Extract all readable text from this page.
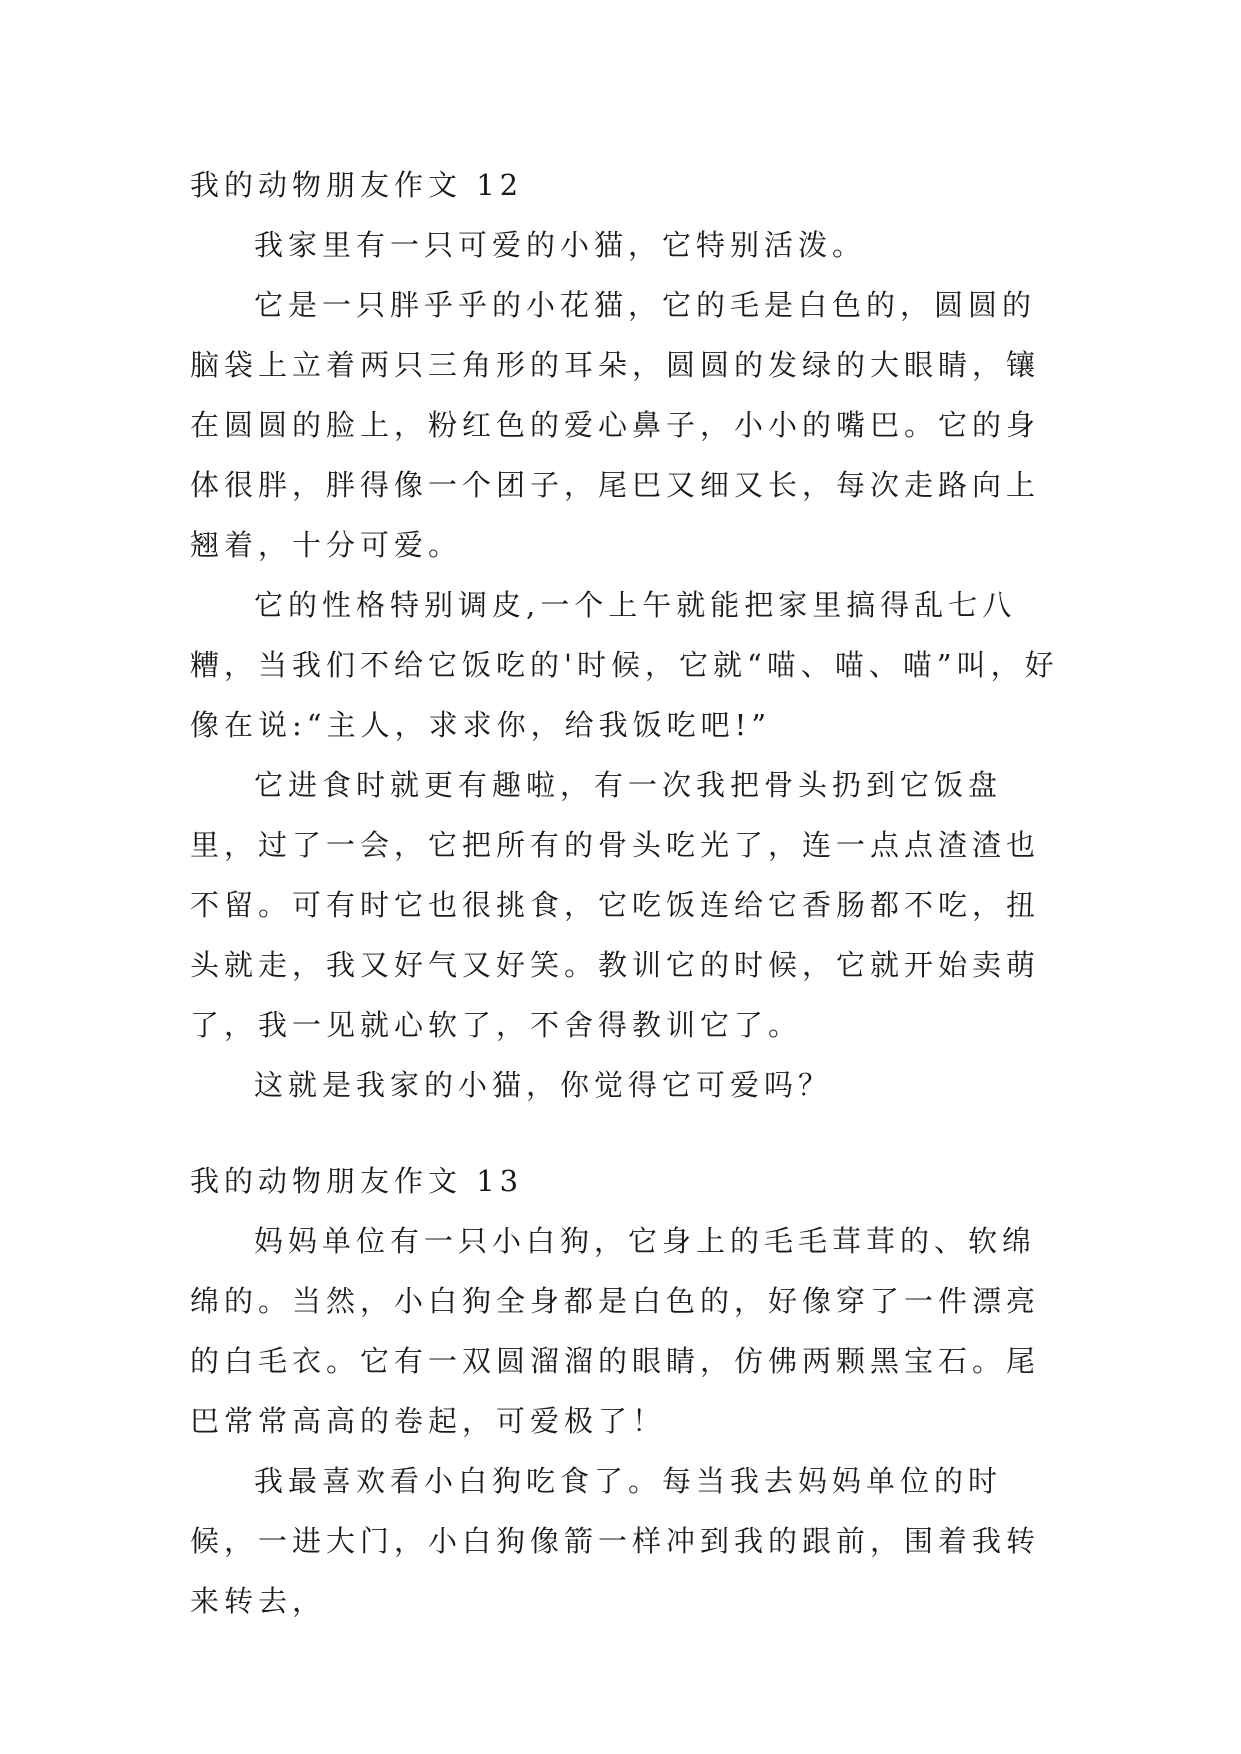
我的动物朋友作文 12

我家里有一只可爱的小猫，它特别活泼。

它是一只胖乎乎的小花猫，它的毛是白色的，圆圆的脑袋上立着两只三角形的耳朵，圆圆的发绿的大眼睛，镶在圆圆的脸上，粉红色的爱心鼻子，小小的嘴巴。它的身体很胖，胖得像一个团子，尾巴又细又长，每次走路向上翘着，十分可爱。

它的性格特别调皮,一个上午就能把家里搞得乱七八糟，当我们不给它饭吃的'时候，它就“喵、喵、喵”叫，好像在说:“主人，求求你，给我饭吃吧!”

它进食时就更有趣啦，有一次我把骨头扔到它饭盘里，过了一会，它把所有的骨头吃光了，连一点点渣渣也不留。可有时它也很挑食，它吃饭连给它香肠都不吃，扭头就走，我又好气又好笑。教训它的时候，它就开始卖萌了，我一见就心软了，不舍得教训它了。

这就是我家的小猫，你觉得它可爱吗？

我的动物朋友作文 13

妈妈单位有一只小白狗，它身上的毛毛茸茸的、软绵绵的。当然，小白狗全身都是白色的，好像穿了一件漂亮的白毛衣。它有一双圆溜溜的眼睛，仿佛两颗黑宝石。尾巴常常高高的卷起，可爱极了！

我最喜欢看小白狗吃食了。每当我去妈妈单位的时候，一进大门，小白狗像箭一样冲到我的跟前，围着我转来转去，
